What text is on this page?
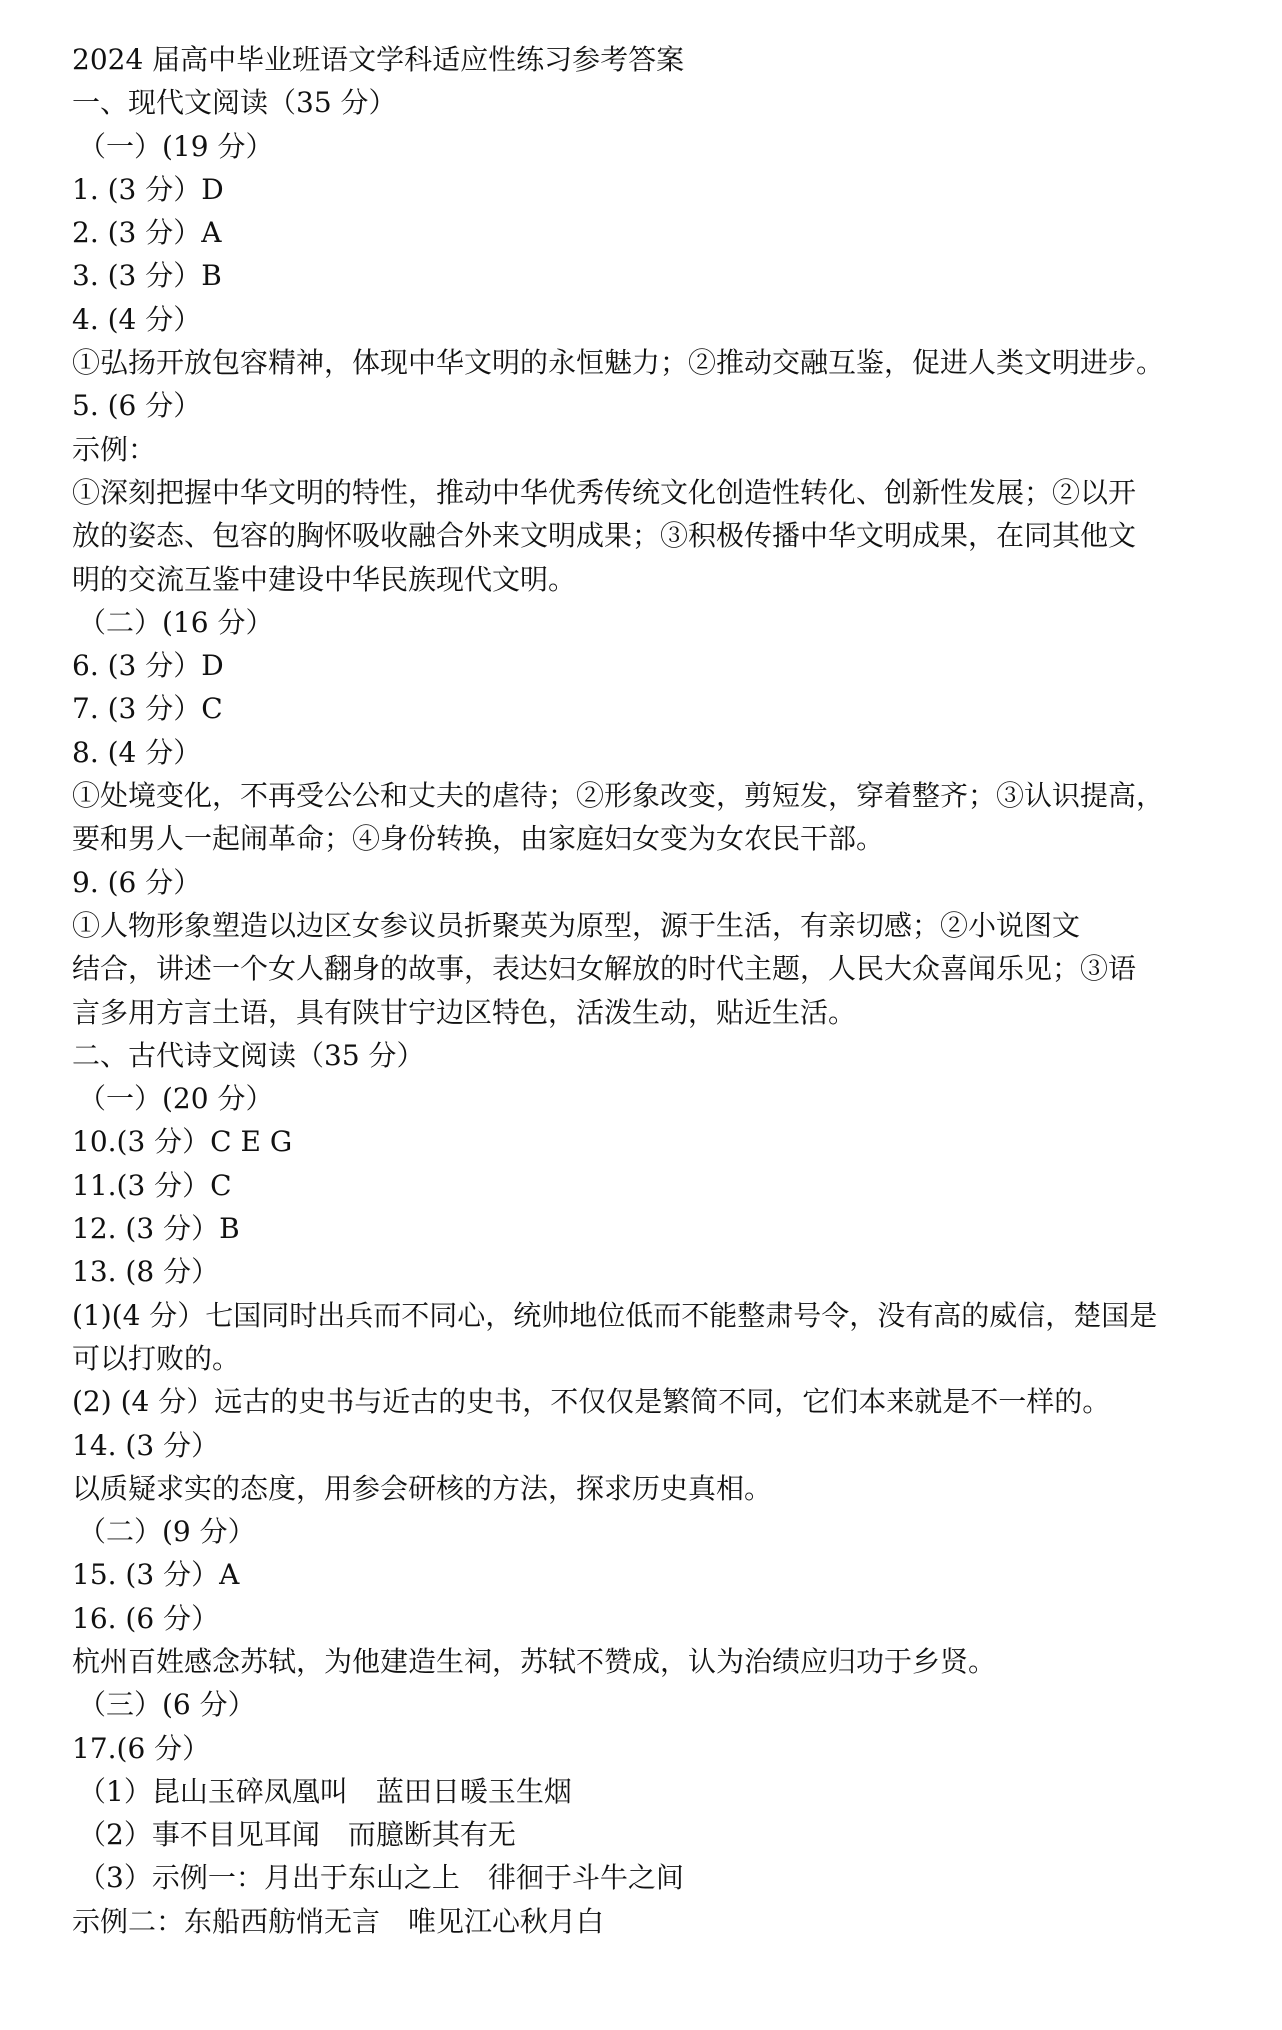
2024 届高中毕业班语文学科适应性练习参考答案
一、现代文阅读（35 分）
（一）(19 分）
1. (3 分）D
2. (3 分）A
3. (3 分）B
4. (4 分）
①弘扬开放包容精神，体现中华文明的永恒魅力；②推动交融互鉴，促进人类文明进步。
5. (6 分）
示例：
①深刻把握中华文明的特性，推动中华优秀传统文化创造性转化、创新性发展；②以开
放的姿态、包容的胸怀吸收融合外来文明成果；③积极传播中华文明成果，在同其他文
明的交流互鉴中建设中华民族现代文明。
（二）(16 分）
6. (3 分）D
7. (3 分）C
8. (4 分）
①处境变化，不再受公公和丈夫的虐待；②形象改变，剪短发，穿着整齐；③认识提高，
要和男人一起闹革命；④身份转换，由家庭妇女变为女农民干部。
9. (6 分）
①人物形象塑造以边区女参议员折聚英为原型，源于生活，有亲切感；②小说图文
结合，讲述一个女人翻身的故事，表达妇女解放的时代主题，人民大众喜闻乐见；③语
言多用方言土语，具有陕甘宁边区特色，活泼生动，贴近生活。
二、古代诗文阅读（35 分）
（一）(20 分）
10.(3 分）C E G
11.(3 分）C
12. (3 分）B
13. (8 分）
(1)(4 分）七国同时出兵而不同心，统帅地位低而不能整肃号令，没有高的威信，楚国是
可以打败的。
(2) (4 分）远古的史书与近古的史书，不仅仅是繁简不同，它们本来就是不一样的。
14. (3 分）
以质疑求实的态度，用参会研核的方法，探求历史真相。
（二）(9 分）
15. (3 分）A
16. (6 分）
杭州百姓感念苏轼，为他建造生祠，苏轼不赞成，认为治绩应归功于乡贤。
（三）(6 分）
17.(6 分）
（1）昆山玉碎凤凰叫　蓝田日暖玉生烟
（2）事不目见耳闻　而臆断其有无
（3）示例一：月出于东山之上　徘徊于斗牛之间
示例二：东船西舫悄无言　唯见江心秋月白
